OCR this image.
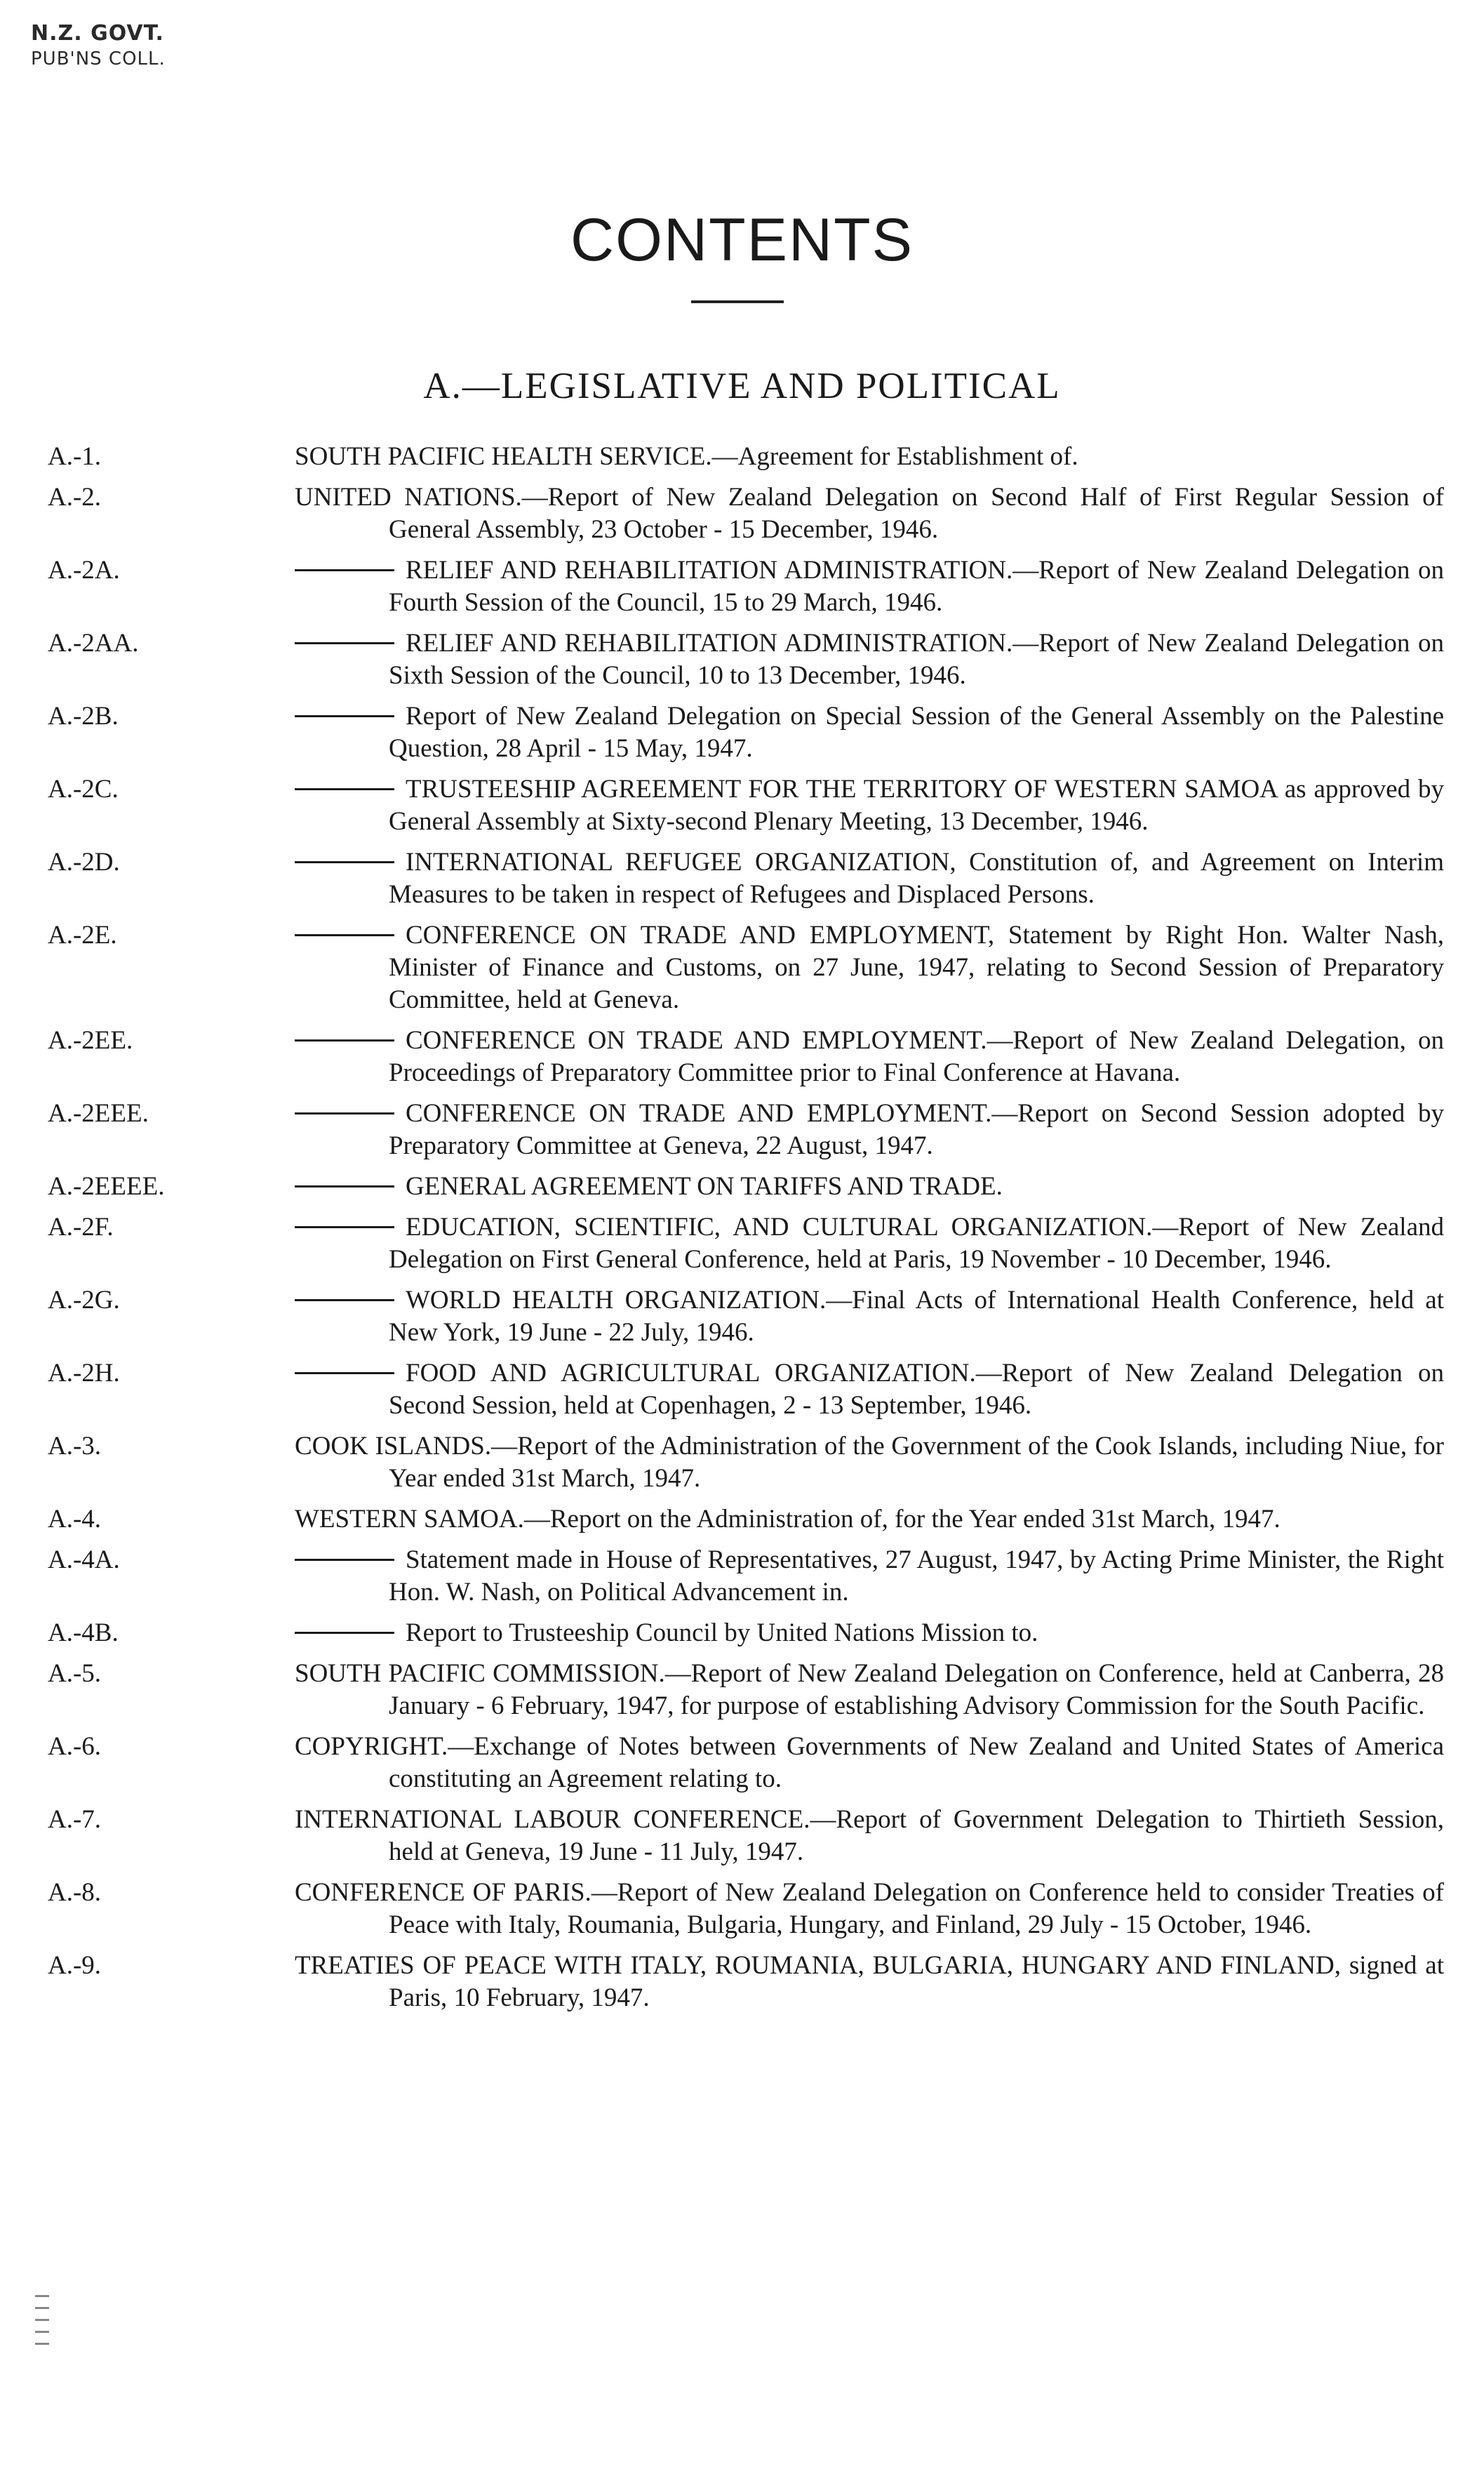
N.Z. GOVT.
PUB'NS COLL.
CONTENTS
A.—LEGISLATIVE AND POLITICAL
A.-1.	SOUTH PACIFIC HEALTH SERVICE.—Agreement for Establishment of.
A.-2.	UNITED NATIONS.—Report of New Zealand Delegation on Second Half of First Regular Session of General Assembly, 23 October - 15 December, 1946.
A.-2A.	RELIEF AND REHABILITATION ADMINISTRATION.—Report of New Zealand Delegation on Fourth Session of the Council, 15 to 29 March, 1946.
A.-2AA.	RELIEF AND REHABILITATION ADMINISTRATION.—Report of New Zealand Delegation on Sixth Session of the Council, 10 to 13 December, 1946.
A.-2B.	Report of New Zealand Delegation on Special Session of the General Assembly on the Palestine Question, 28 April - 15 May, 1947.
A.-2C.	TRUSTEESHIP AGREEMENT FOR THE TERRITORY OF WESTERN SAMOA as approved by General Assembly at Sixty-second Plenary Meeting, 13 December, 1946.
A.-2D.	INTERNATIONAL REFUGEE ORGANIZATION, Constitution of, and Agreement on Interim Measures to be taken in respect of Refugees and Displaced Persons.
A.-2E.	CONFERENCE ON TRADE AND EMPLOYMENT, Statement by Right Hon. Walter Nash, Minister of Finance and Customs, on 27 June, 1947, relating to Second Session of Preparatory Committee, held at Geneva.
A.-2EE.	CONFERENCE ON TRADE AND EMPLOYMENT.—Report of New Zealand Delegation, on Proceedings of Preparatory Committee prior to Final Conference at Havana.
A.-2EEE.	CONFERENCE ON TRADE AND EMPLOYMENT.—Report on Second Session adopted by Preparatory Committee at Geneva, 22 August, 1947.
A.-2EEEE.	GENERAL AGREEMENT ON TARIFFS AND TRADE.
A.-2F.	EDUCATION, SCIENTIFIC, AND CULTURAL ORGANIZATION.—Report of New Zealand Delegation on First General Conference, held at Paris, 19 November - 10 December, 1946.
A.-2G.	WORLD HEALTH ORGANIZATION.—Final Acts of International Health Conference, held at New York, 19 June - 22 July, 1946.
A.-2H.	FOOD AND AGRICULTURAL ORGANIZATION.—Report of New Zealand Delegation on Second Session, held at Copenhagen, 2 - 13 September, 1946.
A.-3.	COOK ISLANDS.—Report of the Administration of the Government of the Cook Islands, including Niue, for Year ended 31st March, 1947.
A.-4.	WESTERN SAMOA.—Report on the Administration of, for the Year ended 31st March, 1947.
A.-4A.	Statement made in House of Representatives, 27 August, 1947, by Acting Prime Minister, the Right Hon. W. Nash, on Political Advancement in.
A.-4B.	Report to Trusteeship Council by United Nations Mission to.
A.-5.	SOUTH PACIFIC COMMISSION.—Report of New Zealand Delegation on Conference, held at Canberra, 28 January - 6 February, 1947, for purpose of establishing Advisory Commission for the South Pacific.
A.-6.	COPYRIGHT.—Exchange of Notes between Governments of New Zealand and United States of America constituting an Agreement relating to.
A.-7.	INTERNATIONAL LABOUR CONFERENCE.—Report of Government Delegation to Thirtieth Session, held at Geneva, 19 June - 11 July, 1947.
A.-8.	CONFERENCE OF PARIS.—Report of New Zealand Delegation on Conference held to consider Treaties of Peace with Italy, Roumania, Bulgaria, Hungary, and Finland, 29 July - 15 October, 1946.
A.-9.	TREATIES OF PEACE WITH ITALY, ROUMANIA, BULGARIA, HUNGARY AND FINLAND, signed at Paris, 10 February, 1947.
